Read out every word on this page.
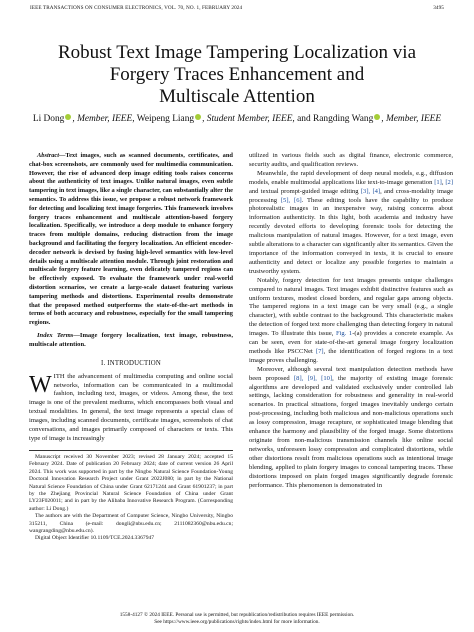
IEEE TRANSACTIONS ON CONSUMER ELECTRONICS, VOL. 70, NO. 1, FEBRUARY 2024	3495
Robust Text Image Tampering Localization via
Forgery Traces Enhancement and
Multiscale Attention
Li Dong , Member, IEEE, Weipeng Liang , Student Member, IEEE, and Rangding Wang , Member, IEEE

Abstract—Text images, such as scanned documents, certificates, and chat-box screenshots, are commonly used for multimedia communication. However, the rise of advanced deep image editing tools raises concerns about the authenticity of text images. Unlike natural images, even subtle tampering in text images, like a single character, can substantially alter the semantics. To address this issue, we propose a robust network framework for detecting and localizing text image forgeries. This framework involves forgery traces enhancement and multiscale attention-based forgery localization. Specifically, we introduce a deep module to enhance forgery traces from multiple domains, reducing distraction from the image background and facilitating the forgery localization. An efficient encoder-decoder network is devised by fusing high-level semantics with low-level details using a multiscale attention module. Through joint restoration and multiscale forgery feature learning, even delicately tampered regions can be effectively exposed. To evaluate the framework under real-world distortion scenarios, we create a large-scale dataset featuring various tampering methods and distortions. Experimental results demonstrate that the proposed method outperforms the state-of-the-art methods in terms of both accuracy and robustness, especially for the small tampering regions.

Index Terms—Image forgery localization, text image, robustness, multiscale attention.

I. INTRODUCTION

WITH the advancement of multimedia computing and online social networks, information can be communicated in a multimodal fashion, including text, images, or videos. Among these, the text image is one of the prevalent mediums, which encompasses both visual and textual modalities. In general, the text image represents a special class of images, including scanned documents, certificate images, screenshots of chat conversations, and images primarily composed of characters or texts. This type of image is increasingly

Manuscript received 30 November 2023; revised 28 January 2024; accepted 15 February 2024. Date of publication 20 February 2024; date of current version 26 April 2024. This work was supported in part by the Ningbo Natural Science Foundation-Young Doctoral Innovation Research Project under Grant 2022J080; in part by the National Natural Science Foundation of China under Grant 62171244 and Grant 61901237; in part by the Zhejiang Provincial Natural Science Foundation of China under Grant LY23F020011; and in part by the Alibaba Innovative Research Program. (Corresponding author: Li Dong.)

The authors are with the Department of Computer Science, Ningbo University, Ningbo 315211, China (e-mail: dongli@nbu.edu.cn; 2111082360@nbu.edu.cn; wangrangding@nbu.edu.cn).

Digital Object Identifier 10.1109/TCE.2024.3367947

utilized in various fields such as digital finance, electronic commerce, security audits, and qualification reviews.

Meanwhile, the rapid development of deep neural models, e.g., diffusion models, enable multimodal applications like text-to-image generation [1], [2] and textual prompt-guided image editing [3], [4], and cross-modality image processing [5], [6]. These editing tools have the capability to produce photorealistic images in an inexpensive way, raising concerns about information authenticity. In this light, both academia and industry have recently devoted efforts to developing forensic tools for detecting the malicious manipulation of natural images. However, for a text image, even subtle alterations to a character can significantly alter its semantics. Given the importance of the information conveyed in texts, it is crucial to ensure authenticity and detect or localize any possible forgeries to maintain a trustworthy system.

Notably, forgery detection for text images presents unique challenges compared to natural images. Text images exhibit distinctive features such as uniform textures, modest closed borders, and regular gaps among objects. The tampered regions in a text image can be very small (e.g., a single character), with subtle contrast to the background. This characteristic makes the detection of forged text more challenging than detecting forgery in natural images. To illustrate this issue, Fig. 1-(a) provides a concrete example. As can be seen, even for state-of-the-art general image forgery localization methods like PSCCNet [7], the identification of forged regions in a text image proves challenging.

Moreover, although several text manipulation detection methods have been proposed [8], [9], [10], the majority of existing image forensic algorithms are developed and validated exclusively under controlled lab settings, lacking consideration for robustness and generality in real-world scenarios. In practical situations, forged images inevitably undergo certain post-processing, including both malicious and non-malicious operations such as lossy compression, image recapture, or sophisticated image blending that enhance the harmony and plausibility of the forged image. Some distortions originate from non-malicious transmission channels like online social networks, unforeseen lossy compression and complicated distortions, while other distortions result from malicious operations such as intentional image blending, applied to plain forgery images to conceal tampering traces. These distortions imposed on plain forged images significantly degrade forensic performance. This phenomenon is demonstrated in

1558-4127 © 2024 IEEE. Personal use is permitted, but republication/redistribution requires IEEE permission.
See https://www.ieee.org/publications/rights/index.html for more information.
